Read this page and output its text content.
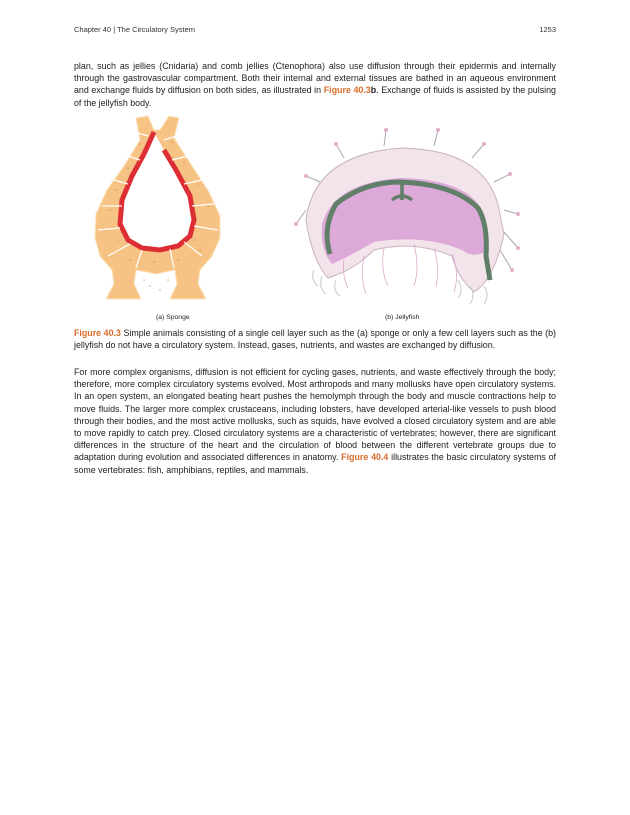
Chapter 40 | The Circulatory System	1253
plan, such as jellies (Cnidaria) and comb jellies (Ctenophora) also use diffusion through their epidermis and internally through the gastrovascular compartment. Both their internal and external tissues are bathed in an aqueous environment and exchange fluids by diffusion on both sides, as illustrated in Figure 40.3b. Exchange of fluids is assisted by the pulsing of the jellyfish body.
(a) Sponge	(b) Jellyfish
Figure 40.3 Simple animals consisting of a single cell layer such as the (a) sponge or only a few cell layers such as the (b) jellyfish do not have a circulatory system. Instead, gases, nutrients, and wastes are exchanged by diffusion.
For more complex organisms, diffusion is not efficient for cycling gases, nutrients, and waste effectively through the body; therefore, more complex circulatory systems evolved. Most arthropods and many mollusks have open circulatory systems. In an open system, an elongated beating heart pushes the hemolymph through the body and muscle contractions help to move fluids. The larger more complex crustaceans, including lobsters, have developed arterial-like vessels to push blood through their bodies, and the most active mollusks, such as squids, have evolved a closed circulatory system and are able to move rapidly to catch prey. Closed circulatory systems are a characteristic of vertebrates; however, there are significant differences in the structure of the heart and the circulation of blood between the different vertebrate groups due to adaptation during evolution and associated differences in anatomy. Figure 40.4 illustrates the basic circulatory systems of some vertebrates: fish, amphibians, reptiles, and mammals.
